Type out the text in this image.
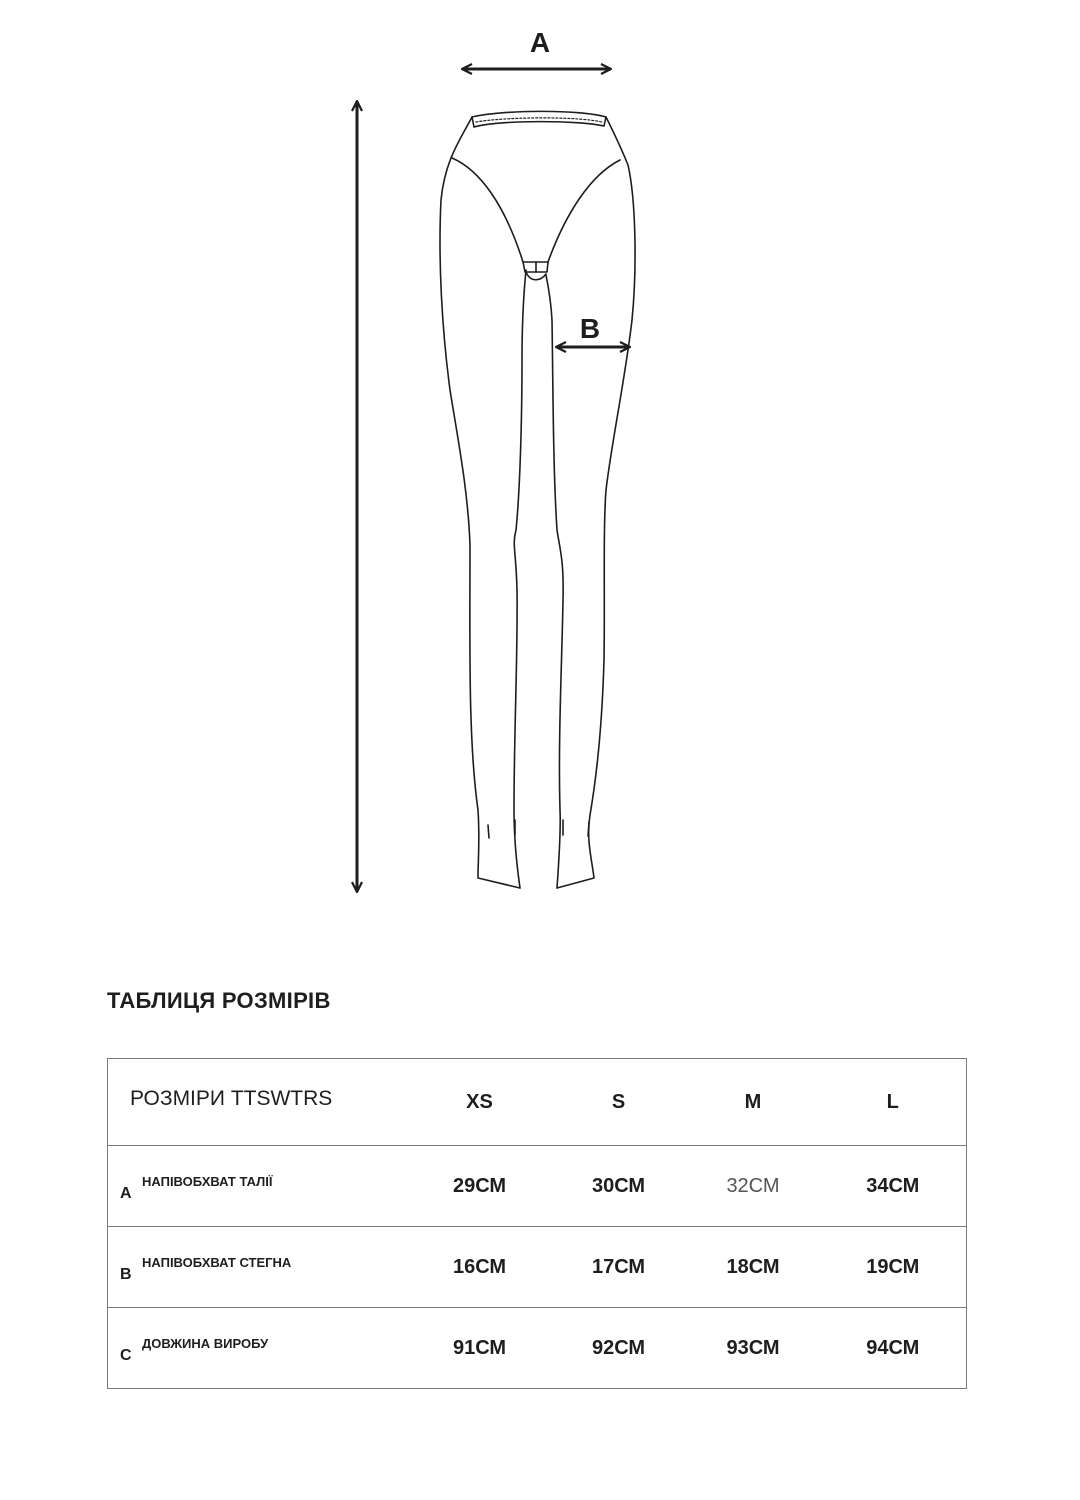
A
B
ТАБЛИЦЯ РОЗМІРІВ
РОЗМІРИ TTSWTRS	XS	S	M	L
AНАПІВОБХВАТ ТАЛІЇ	29СМ	30СМ	32СМ	34СМ
BНАПІВОБХВАТ СТЕГНА	16СМ	17СМ	18СМ	19СМ
CДОВЖИНА ВИРОБУ	91СМ	92СМ	93СМ	94СМ
